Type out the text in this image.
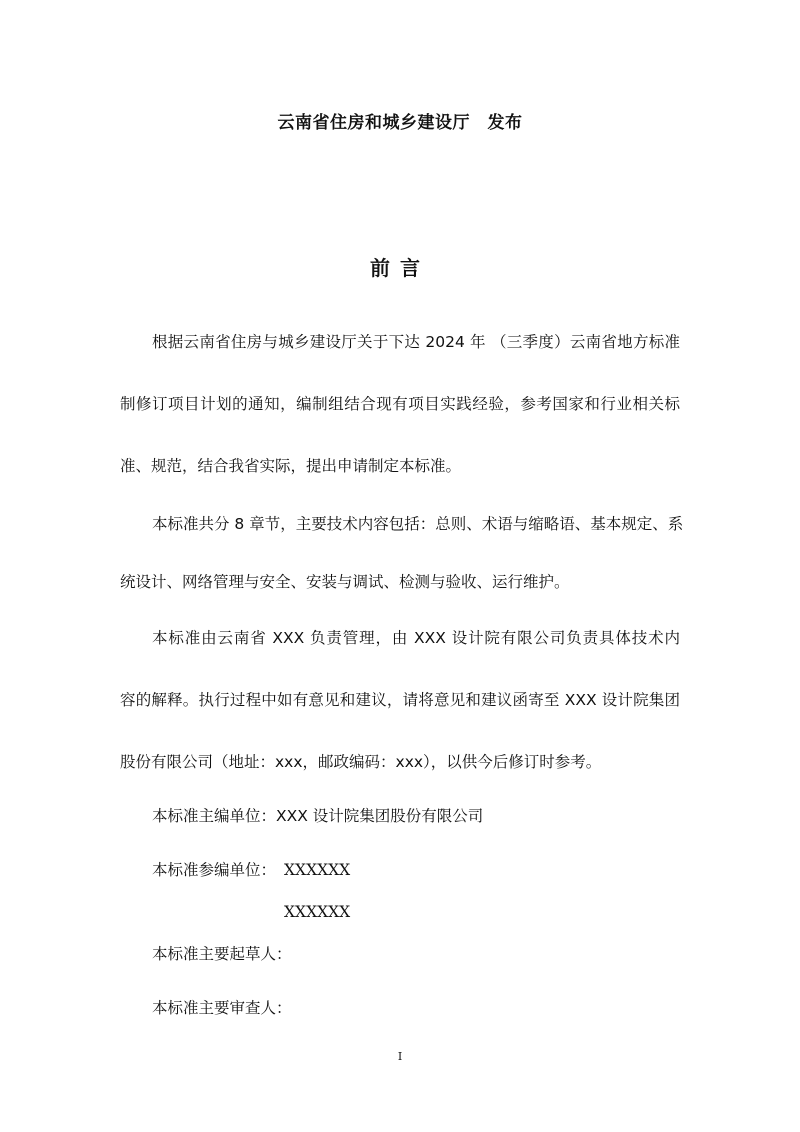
云南省住房和城乡建设厅　发布
前言
根据云南省住房与城乡建设厅关于下达 2024 年 （三季度）云南省地方标准
制修订项目计划的通知，编制组结合现有项目实践经验，参考国家和行业相关标
准、规范，结合我省实际，提出申请制定本标准。
本标准共分 8 章节，主要技术内容包括：总则、术语与缩略语、基本规定、系
统设计、网络管理与安全、安装与调试、检测与验收、运行维护。
本标准由云南省 XXX 负责管理，由 XXX 设计院有限公司负责具体技术内
容的解释。执行过程中如有意见和建议，请将意见和建议函寄至 XXX 设计院集团
股份有限公司（地址：xxx，邮政编码：xxx），以供今后修订时参考。
本标准主编单位：XXX 设计院集团股份有限公司
本标准参编单位： XXXXXX
XXXXXX
本标准主要起草人：
本标准主要审查人：
I
